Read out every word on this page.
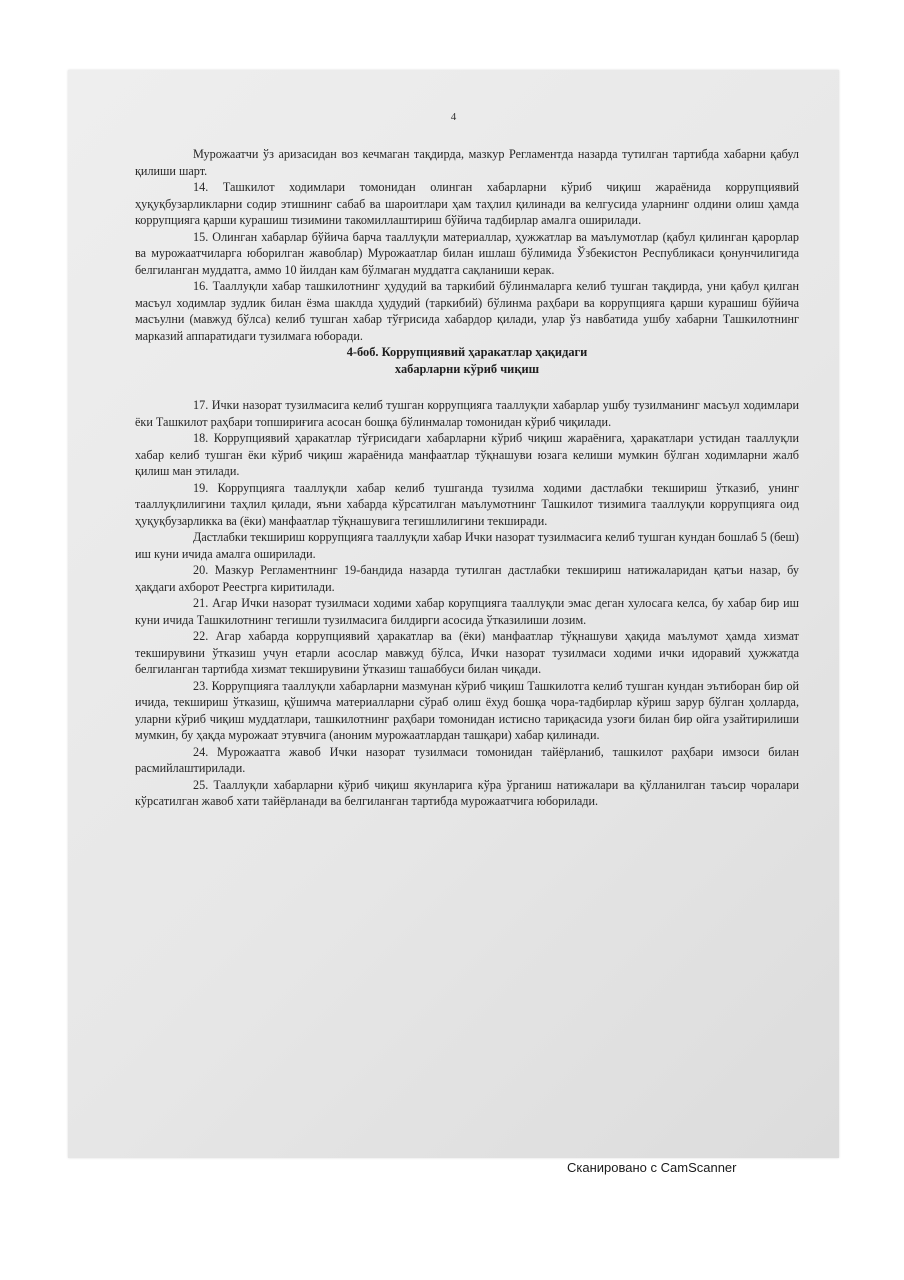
4

Мурожаатчи ўз аризасидан воз кечмаган тақдирда, мазкур Регламентда назарда тутилган тартибда хабарни қабул қилиши шарт.

14. Ташкилот ходимлари томонидан олинган хабарларни кўриб чиқиш жараёнида коррупциявий ҳуқуқбузарликларни содир этишнинг сабаб ва шароитлари ҳам таҳлил қилинади ва келгусида уларнинг олдини олиш ҳамда коррупцияга қарши курашиш тизимини такомиллаштириш бўйича тадбирлар амалга оширилади.

15. Олинган хабарлар бўйича барча тааллуқли материаллар, ҳужжатлар ва маълумотлар (қабул қилинган қарорлар ва мурожаатчиларга юборилган жавоблар) Мурожаатлар билан ишлаш бўлимида Ўзбекистон Республикаси қонунчилигида белгиланган муддатга, аммо 10 йилдан кам бўлмаган муддатга сақланиши керак.

16. Тааллуқли хабар ташкилотнинг ҳудудий ва таркибий бўлинмаларга келиб тушган тақдирда, уни қабул қилган масъул ходимлар зудлик билан ёзма шаклда ҳудудий (таркибий) бўлинма раҳбари ва коррупцияга қарши курашиш бўйича масъулни (мавжуд бўлса) келиб тушган хабар тўғрисида хабардор қилади, улар ўз навбатида ушбу хабарни Ташкилотнинг марказий аппаратидаги тузилмага юборади.

4-боб. Коррупциявий ҳаракатлар ҳақидаги
хабарларни кўриб чиқиш

17. Ички назорат тузилмасига келиб тушган коррупцияга тааллуқли хабарлар ушбу тузилманинг масъул ходимлари ёки Ташкилот раҳбари топшириғига асосан бошқа бўлинмалар томонидан кўриб чиқилади.

18. Коррупциявий ҳаракатлар тўғрисидаги хабарларни кўриб чиқиш жараёнига, ҳаракатлари устидан тааллуқли хабар келиб тушган ёки кўриб чиқиш жараёнида манфаатлар тўқнашуви юзага келиши мумкин бўлган ходимларни жалб қилиш ман этилади.

19. Коррупцияга тааллуқли хабар келиб тушганда тузилма ходими дастлабки текшириш ўтказиб, унинг тааллуқлилигини таҳлил қилади, яъни хабарда кўрсатилган маълумотнинг Ташкилот тизимига тааллуқли коррупцияга оид ҳуқуқбузарликка ва (ёки) манфаатлар тўқнашувига тегишлилигини текширади.

Дастлабки текшириш коррупцияга тааллуқли хабар Ички назорат тузилмасига келиб тушган кундан бошлаб 5 (беш) иш куни ичида амалга оширилади.

20. Мазкур Регламентнинг 19-бандида назарда тутилган дастлабки текшириш натижаларидан қатъи назар, бу ҳақдаги ахборот Реестрга киритилади.

21. Агар Ички назорат тузилмаси ходими хабар корупцияга тааллуқли эмас деган хулосага келса, бу хабар бир иш куни ичида Ташкилотнинг тегишли тузилмасига билдирги асосида ўтказилиши лозим.

22. Агар хабарда коррупциявий ҳаракатлар ва (ёки) манфаатлар тўқнашуви ҳақида маълумот ҳамда хизмат текширувини ўтказиш учун етарли асослар мавжуд бўлса, Ички назорат тузилмаси ходими ички идоравий ҳужжатда белгиланган тартибда хизмат текширувини ўтказиш ташаббуси билан чиқади.

23. Коррупцияга тааллуқли хабарларни мазмунан кўриб чиқиш Ташкилотга келиб тушган кундан эътиборан бир ой ичида, текшириш ўтказиш, қўшимча материалларни сўраб олиш ёхуд бошқа чора-тадбирлар кўриш зарур бўлган ҳолларда, уларни кўриб чиқиш муддатлари, ташкилотнинг раҳбари томонидан истисно тариқасида узоғи билан бир ойга узайтирилиши мумкин, бу ҳақда мурожаат этувчига (аноним мурожаатлардан ташқари) хабар қилинади.

24. Мурожаатга жавоб Ички назорат тузилмаси томонидан тайёрланиб, ташкилот раҳбари имзоси билан расмийлаштирилади.

25. Тааллуқли хабарларни кўриб чиқиш якунларига кўра ўрганиш натижалари ва қўлланилган таъсир чоралари кўрсатилган жавоб хати тайёрланади ва белгиланган тартибда мурожаатчига юборилади.

Сканировано с CamScanner
